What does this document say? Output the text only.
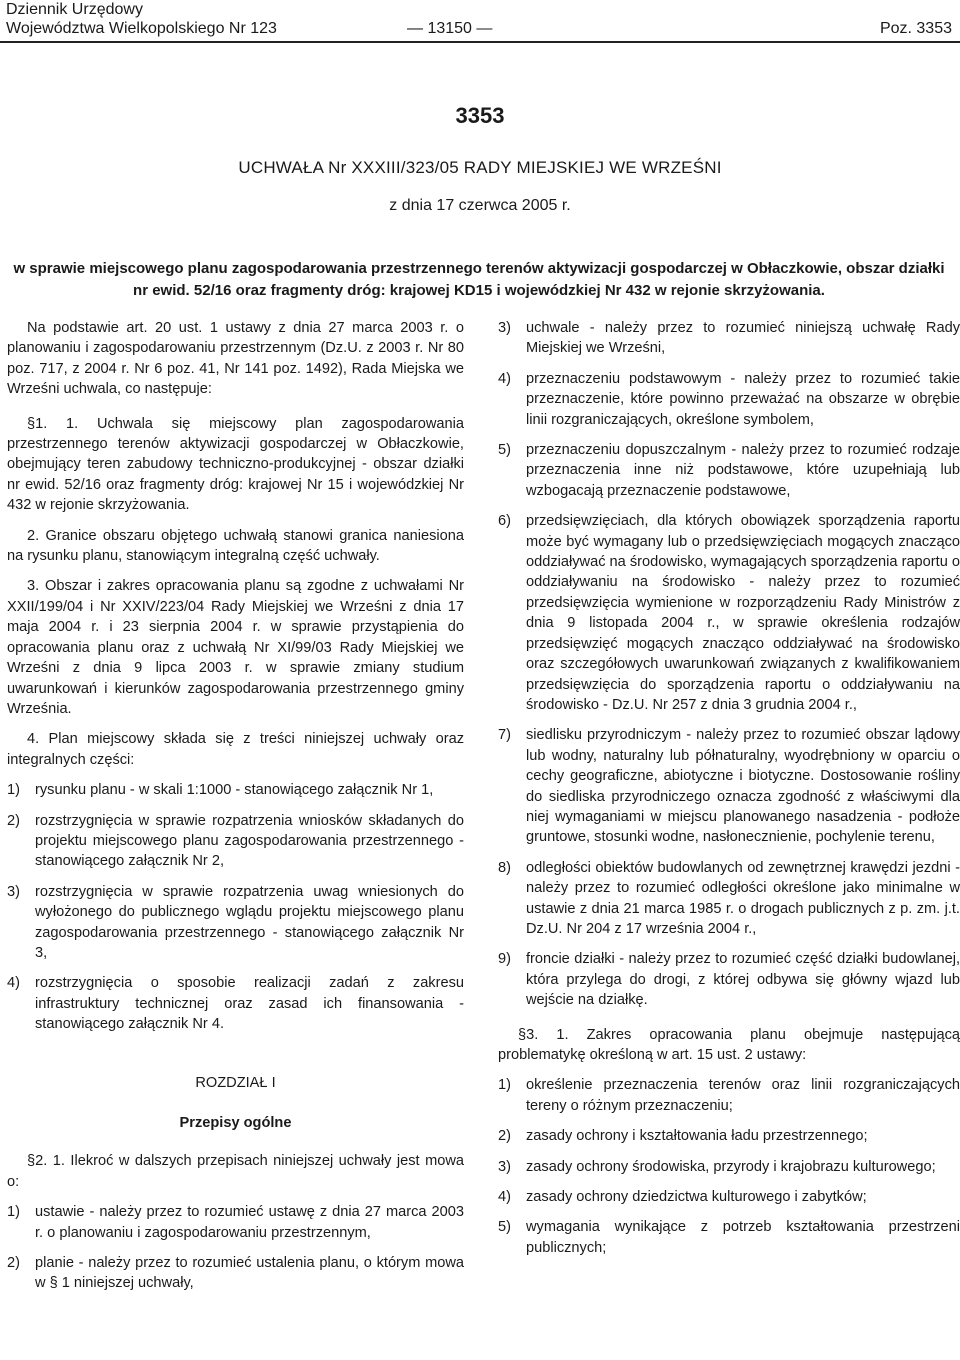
Dziennik Urzędowy
Województwa Wielkopolskiego Nr 123	— 13150 —	Poz. 3353
3353
UCHWAŁA Nr XXXIII/323/05 RADY MIEJSKIEJ WE WRZEŚNI
z dnia 17 czerwca 2005 r.
w sprawie miejscowego planu zagospodarowania przestrzennego terenów aktywizacji gospodarczej w Obłaczkowie, obszar działki nr ewid. 52/16 oraz fragmenty dróg: krajowej KD15 i wojewódzkiej Nr 432 w rejonie skrzyżowania.

Na podstawie art. 20 ust. 1 ustawy z dnia 27 marca 2003 r. o planowaniu i zagospodarowaniu przestrzennym (Dz.U. z 2003 r. Nr 80 poz. 717, z 2004 r. Nr 6 poz. 41, Nr 141 poz. 1492), Rada Miejska we Wrześni uchwala, co następuje:

§1. 1. Uchwala się miejscowy plan zagospodarowania przestrzennego terenów aktywizacji gospodarczej w Obłaczkowie, obejmujący teren zabudowy techniczno-produkcyjnej - obszar działki nr ewid. 52/16 oraz fragmenty dróg: krajowej Nr 15 i wojewódzkiej Nr 432 w rejonie skrzyżowania.

2. Granice obszaru objętego uchwałą stanowi granica naniesiona na rysunku planu, stanowiącym integralną część uchwały.

3. Obszar i zakres opracowania planu są zgodne z uchwałami Nr XXII/199/04 i Nr XXIV/223/04 Rady Miejskiej we Wrześni z dnia 17 maja 2004 r. i 23 sierpnia 2004 r. w sprawie przystąpienia do opracowania planu oraz z uchwałą Nr XI/99/03 Rady Miejskiej we Wrześni z dnia 9 lipca 2003 r. w sprawie zmiany studium uwarunkowań i kierunków zagospodarowania przestrzennego gminy Września.

4. Plan miejscowy składa się z treści niniejszej uchwały oraz integralnych części:

1) rysunku planu - w skali 1:1000 - stanowiącego załącznik Nr 1,
2) rozstrzygnięcia w sprawie rozpatrzenia wniosków składanych do projektu miejscowego planu zagospodarowania przestrzennego - stanowiącego załącznik Nr 2,
3) rozstrzygnięcia w sprawie rozpatrzenia uwag wniesionych do wyłożonego do publicznego wglądu projektu miejscowego planu zagospodarowania przestrzennego - stanowiącego załącznik Nr 3,
4) rozstrzygnięcia o sposobie realizacji zadań z zakresu infrastruktury technicznej oraz zasad ich finansowania - stanowiącego załącznik Nr 4.

ROZDZIAŁ I

Przepisy ogólne

§2. 1. Ilekroć w dalszych przepisach niniejszej uchwały jest mowa o:

1) ustawie - należy przez to rozumieć ustawę z dnia 27 marca 2003 r. o planowaniu i zagospodarowaniu przestrzennym,
2) planie - należy przez to rozumieć ustalenia planu, o którym mowa w § 1 niniejszej uchwały,
3) uchwale - należy przez to rozumieć niniejszą uchwałę Rady Miejskiej we Wrześni,
4) przeznaczeniu podstawowym - należy przez to rozumieć takie przeznaczenie, które powinno przeważać na obszarze w obrębie linii rozgraniczających, określone symbolem,
5) przeznaczeniu dopuszczalnym - należy przez to rozumieć rodzaje przeznaczenia inne niż podstawowe, które uzupełniają lub wzbogacają przeznaczenie podstawowe,
6) przedsięwzięciach, dla których obowiązek sporządzenia raportu może być wymagany lub o przedsięwzięciach mogących znacząco oddziaływać na środowisko, wymagających sporządzenia raportu o oddziaływaniu na środowisko - należy przez to rozumieć przedsięwzięcia wymienione w rozporządzeniu Rady Ministrów z dnia 9 listopada 2004 r., w sprawie określenia rodzajów przedsięwzięć mogących znacząco oddziaływać na środowisko oraz szczegółowych uwarunkowań związanych z kwalifikowaniem przedsięwzięcia do sporządzenia raportu o oddziaływaniu na środowisko - Dz.U. Nr 257 z dnia 3 grudnia 2004 r.,
7) siedlisku przyrodniczym - należy przez to rozumieć obszar lądowy lub wodny, naturalny lub półnaturalny, wyodrębniony w oparciu o cechy geograficzne, abiotyczne i biotyczne. Dostosowanie rośliny do siedliska przyrodniczego oznacza zgodność z właściwymi dla niej wymaganiami w miejscu planowanego nasadzenia - podłoże gruntowe, stosunki wodne, nasłonecznienie, pochylenie terenu,
8) odległości obiektów budowlanych od zewnętrznej krawędzi jezdni - należy przez to rozumieć odległości określone jako minimalne w ustawie z dnia 21 marca 1985 r. o drogach publicznych z p. zm. j.t. Dz.U. Nr 204 z 17 września 2004 r.,
9) froncie działki - należy przez to rozumieć część działki budowlanej, która przylega do drogi, z której odbywa się główny wjazd lub wejście na działkę.

§3. 1. Zakres opracowania planu obejmuje następującą problematykę określoną w art. 15 ust. 2 ustawy:

1) określenie przeznaczenia terenów oraz linii rozgraniczających tereny o różnym przeznaczeniu;
2) zasady ochrony i kształtowania ładu przestrzennego;
3) zasady ochrony środowiska, przyrody i krajobrazu kulturowego;
4) zasady ochrony dziedzictwa kulturowego i zabytków;
5) wymagania wynikające z potrzeb kształtowania przestrzeni publicznych;
